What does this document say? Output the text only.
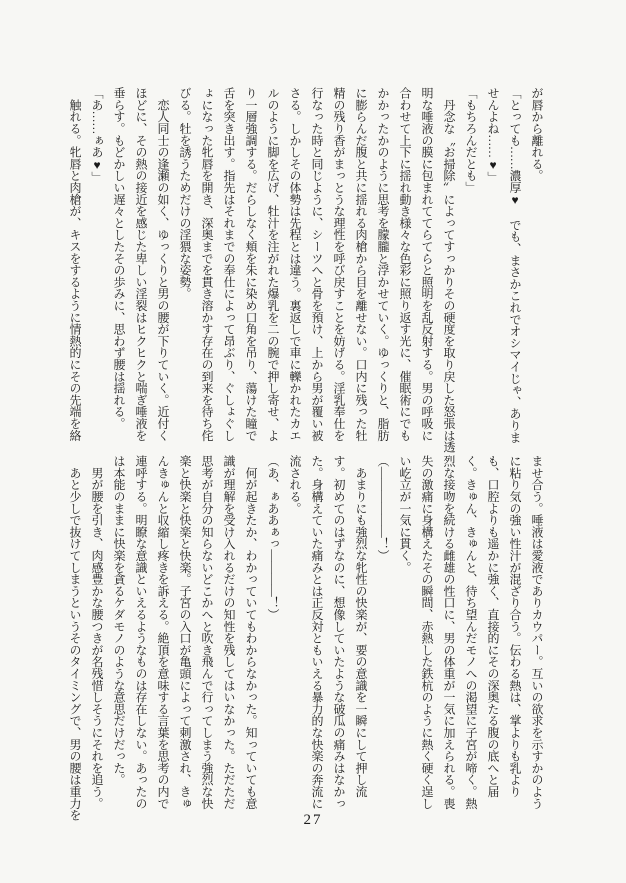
が唇から離れる。
「とっても……濃厚♥　でも、まさかこれでオシマイじゃ、ありま
せんよね……♥」
「もちろんだとも」
　丹念な〝お掃除〟によってすっかりその硬度を取り戻した怒張は透
明な唾液の膜に包まれててらてらと照明を乱反射する。男の呼吸に
合わせて上下に揺れ動き様々な色彩に照り返す光に、催眠術にでも
かかったかのように思考を朦朧と浮かせていく。ゆっくりと、脂肪
に膨らんだ腹と共に揺れる肉槍から目を離せない。口内に残った牡
精の残り香がまっとうな理性を呼び戻すことを妨げる。淫乳奉仕を
行なった時と同じように、シーツへと骨を預け、上から男が覆い被
さる。しかしその体勢は先程とは違う。裏返しで車に轢かれたカエ
ルのように脚を広げ、牡汁を注がれた爆乳を二の腕で押し寄せ、よ
り一層強調する。だらしなく頬を朱に染め口角を吊り、蕩けた瞳で
舌を突き出す。指先はそれまでの奉仕によって昂ぶり、ぐしょぐし
ょになった牝唇を開き、深奥までを貫き溶かす存在の到来を待ち侘
びる。牡を誘うためだけの淫猥な姿勢。
　恋人同士の逢瀬の如く、ゆっくりと男の腰が下りていく。近付く
ほどに、その熱の接近を感じた卑しい淫裂はヒクヒクと喘ぎ唾液を
垂らす。もどかしい遅々としたその歩みに、思わず腰は揺れる。
「あ……ぁあ♥」
　触れる。牝唇と肉槍が、キスをするように情熱的にその先端を絡
ませ合う。唾液は愛液でありカウパー。互いの欲求を示すかのよう
に粘り気の強い性汁が混ざり合う。伝わる熱は、掌よりも乳より
も、口腔よりも遥かに強く、直接的にその深奥たる腹の底へと届
く。きゅん、きゅんと、待ち望んだモノへの渇望に子宮が啼く。熱
烈な接吻を続ける雌雄の性口に、男の体重が一気に加えられる。喪
失の激痛に身構えたその瞬間、赤熱した鉄杭のように熱く硬く逞し
い屹立が一気に貫く。
（――――――！）
　あまりにも強烈な牝性の快楽が、要の意識を一瞬にして押し流
す。初めてのはずなのに、想像していたような破瓜の痛みはなかっ
た。身構えていた痛みとは正反対ともいえる暴力的な快楽の奔流に
流される。
（あ、ぁああぁっ――――！）
　何が起きたか、わかっていてもわからなかった。知っていても意
識が理解を受け入れるだけの知性を残してはいなかった。ただただ
思考が自分の知らないどこかへと吹き飛んで行ってしまう強烈な快
楽と快楽と快楽と快楽。子宮の入口が亀頭によって刺激され、きゅ
んきゅんと収縮し疼きを訴える。絶頂を意味する言葉を思考の内で
連呼する。明瞭な意識といえるようなものは存在しない。あったの
は本能のままに快楽を貪るケダモノのような意思だけだった。
　男が腰を引き、肉感豊かな腰つきが名残惜しそうにそれを追う。
　あと少しで抜けてしまうというそのタイミングで、男の腰は重力を	27
